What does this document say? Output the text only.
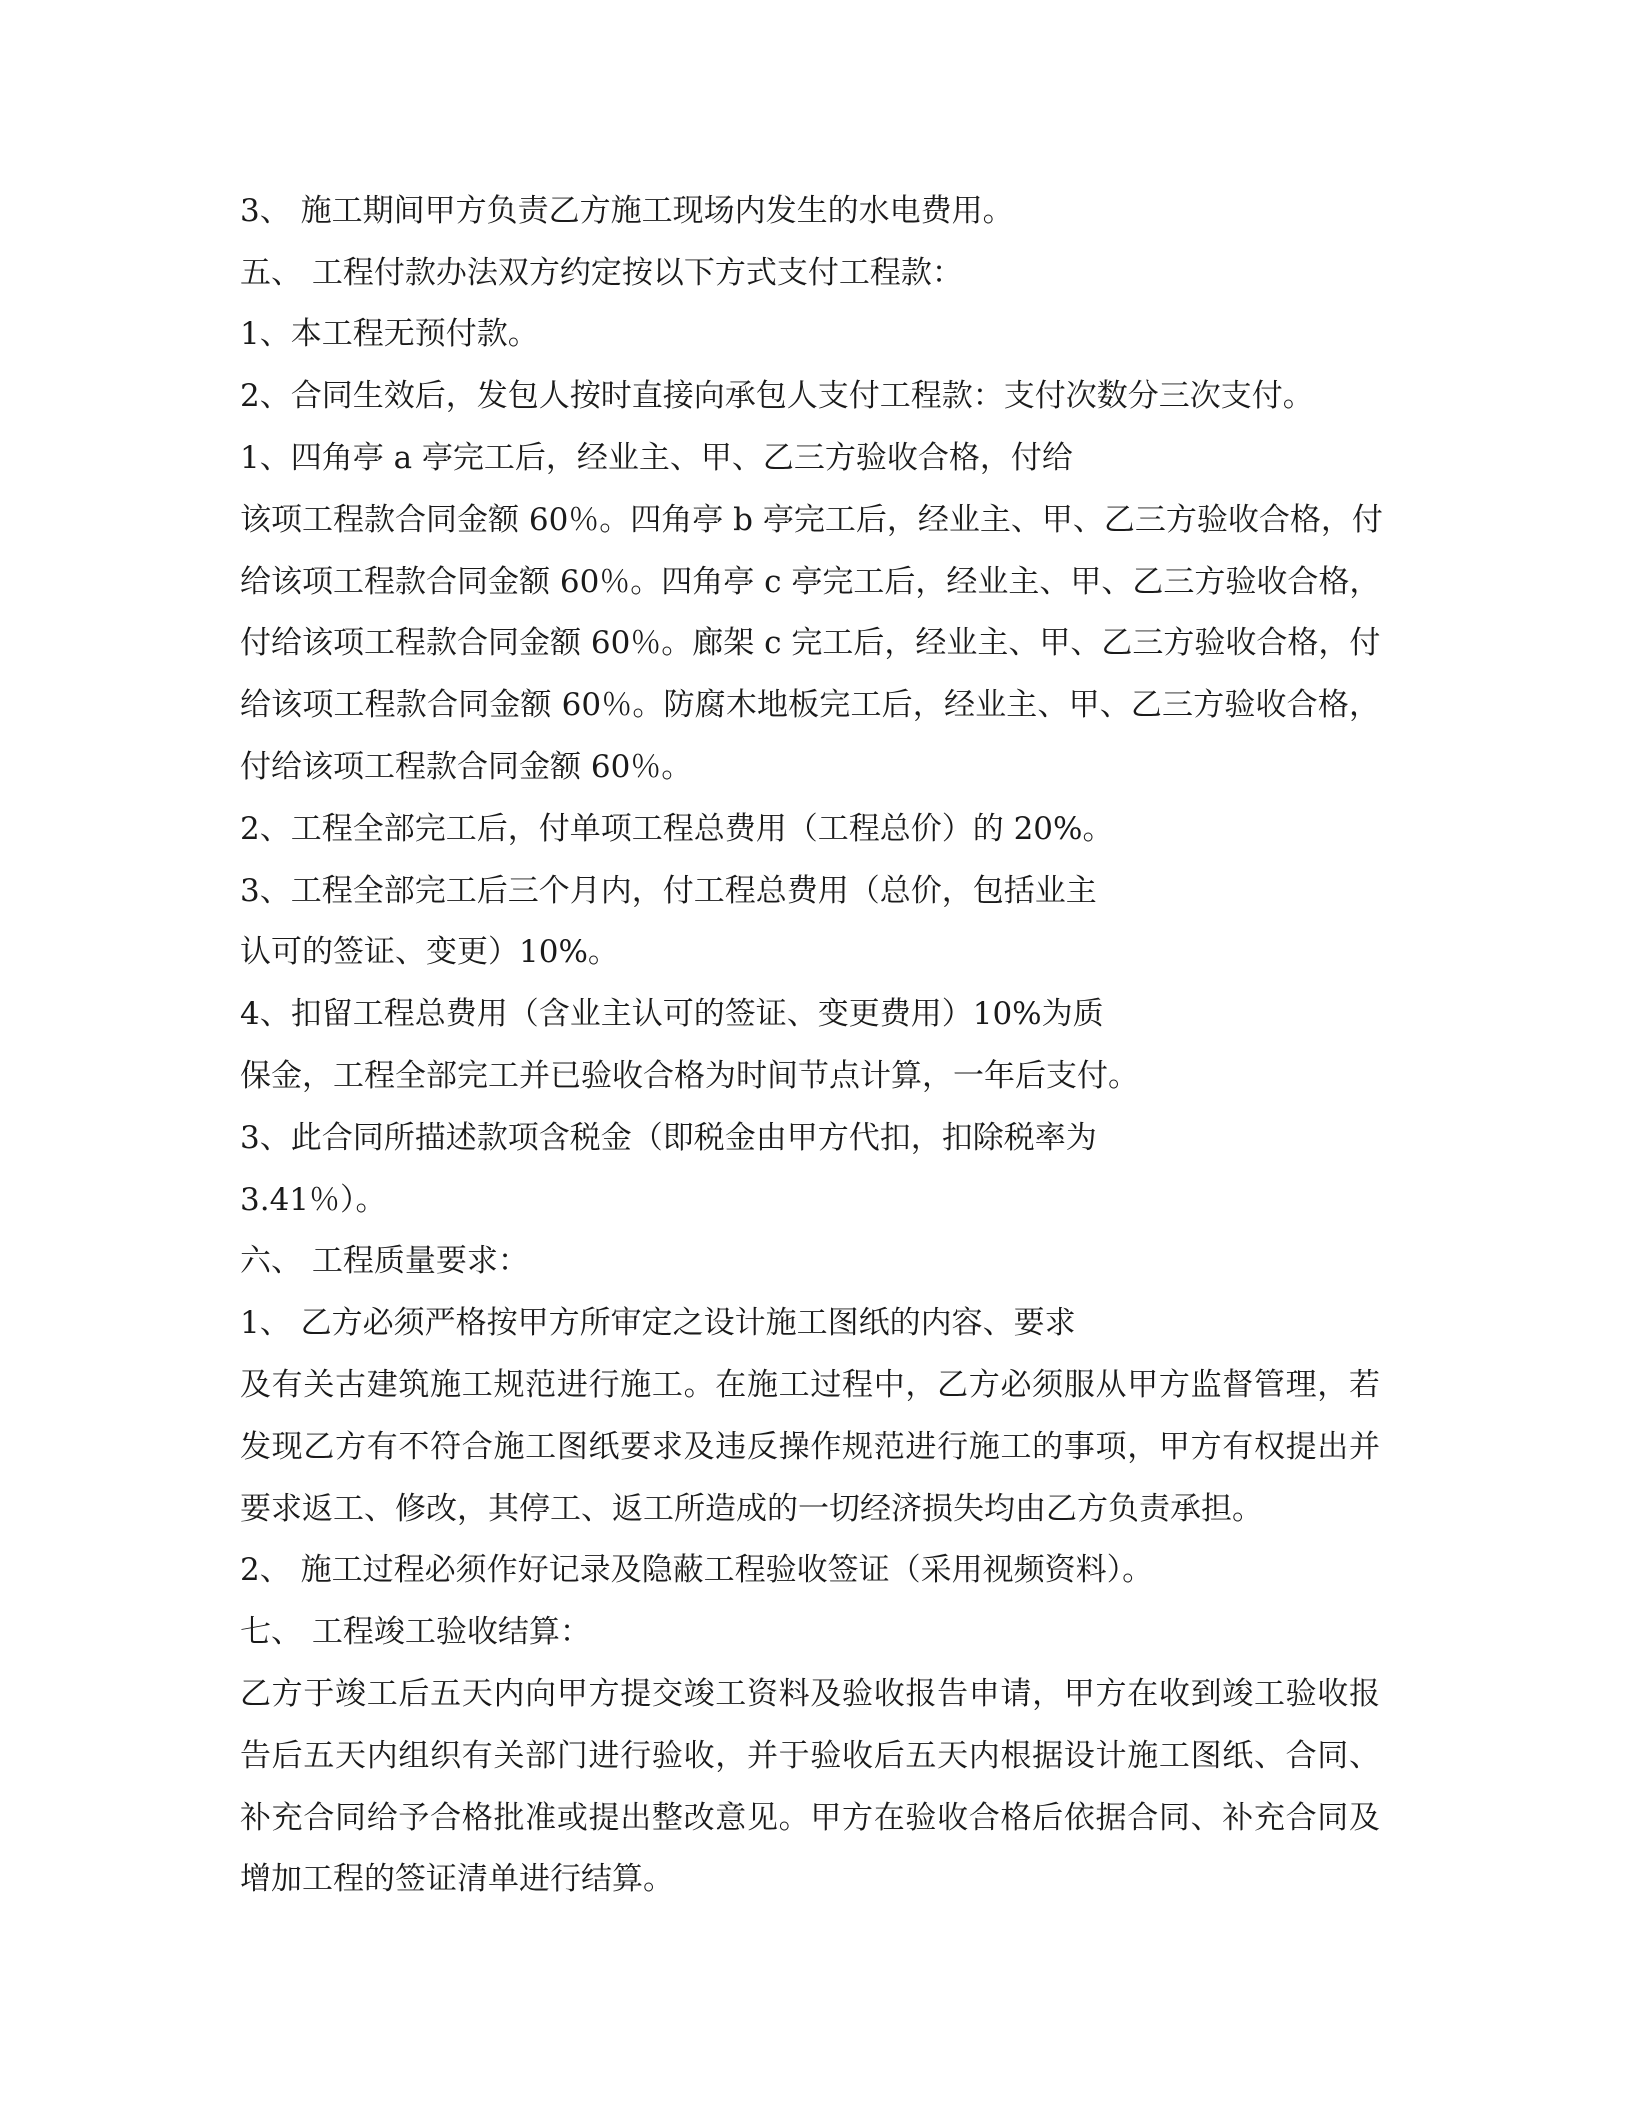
3、 施工期间甲方负责乙方施工现场内发生的水电费用。
五、 工程付款办法双方约定按以下方式支付工程款：
1、本工程无预付款。
2、合同生效后，发包人按时直接向承包人支付工程款：支付次数分三次支付。
1、四角亭 a 亭完工后，经业主、甲、乙三方验收合格，付给
该项工程款合同金额 60％。四角亭 b 亭完工后，经业主、甲、乙三方验收合格，付
给该项工程款合同金额 60％。四角亭 c 亭完工后，经业主、甲、乙三方验收合格，
付给该项工程款合同金额 60％。廊架 c 完工后，经业主、甲、乙三方验收合格，付
给该项工程款合同金额 60％。防腐木地板完工后，经业主、甲、乙三方验收合格，
付给该项工程款合同金额 60％。
2、工程全部完工后，付单项工程总费用（工程总价）的 20%。
3、工程全部完工后三个月内，付工程总费用（总价，包括业主
认可的签证、变更）10%。
4、扣留工程总费用（含业主认可的签证、变更费用）10%为质
保金，工程全部完工并已验收合格为时间节点计算，一年后支付。
3、此合同所描述款项含税金（即税金由甲方代扣，扣除税率为
3.41％）。
六、 工程质量要求：
1、 乙方必须严格按甲方所审定之设计施工图纸的内容、要求
及有关古建筑施工规范进行施工。在施工过程中，乙方必须服从甲方监督管理，若
发现乙方有不符合施工图纸要求及违反操作规范进行施工的事项，甲方有权提出并
要求返工、修改，其停工、返工所造成的一切经济损失均由乙方负责承担。
2、 施工过程必须作好记录及隐蔽工程验收签证（采用视频资料）。
七、 工程竣工验收结算：
乙方于竣工后五天内向甲方提交竣工资料及验收报告申请，甲方在收到竣工验收报
告后五天内组织有关部门进行验收，并于验收后五天内根据设计施工图纸、合同、
补充合同给予合格批准或提出整改意见。甲方在验收合格后依据合同、补充合同及
增加工程的签证清单进行结算。
